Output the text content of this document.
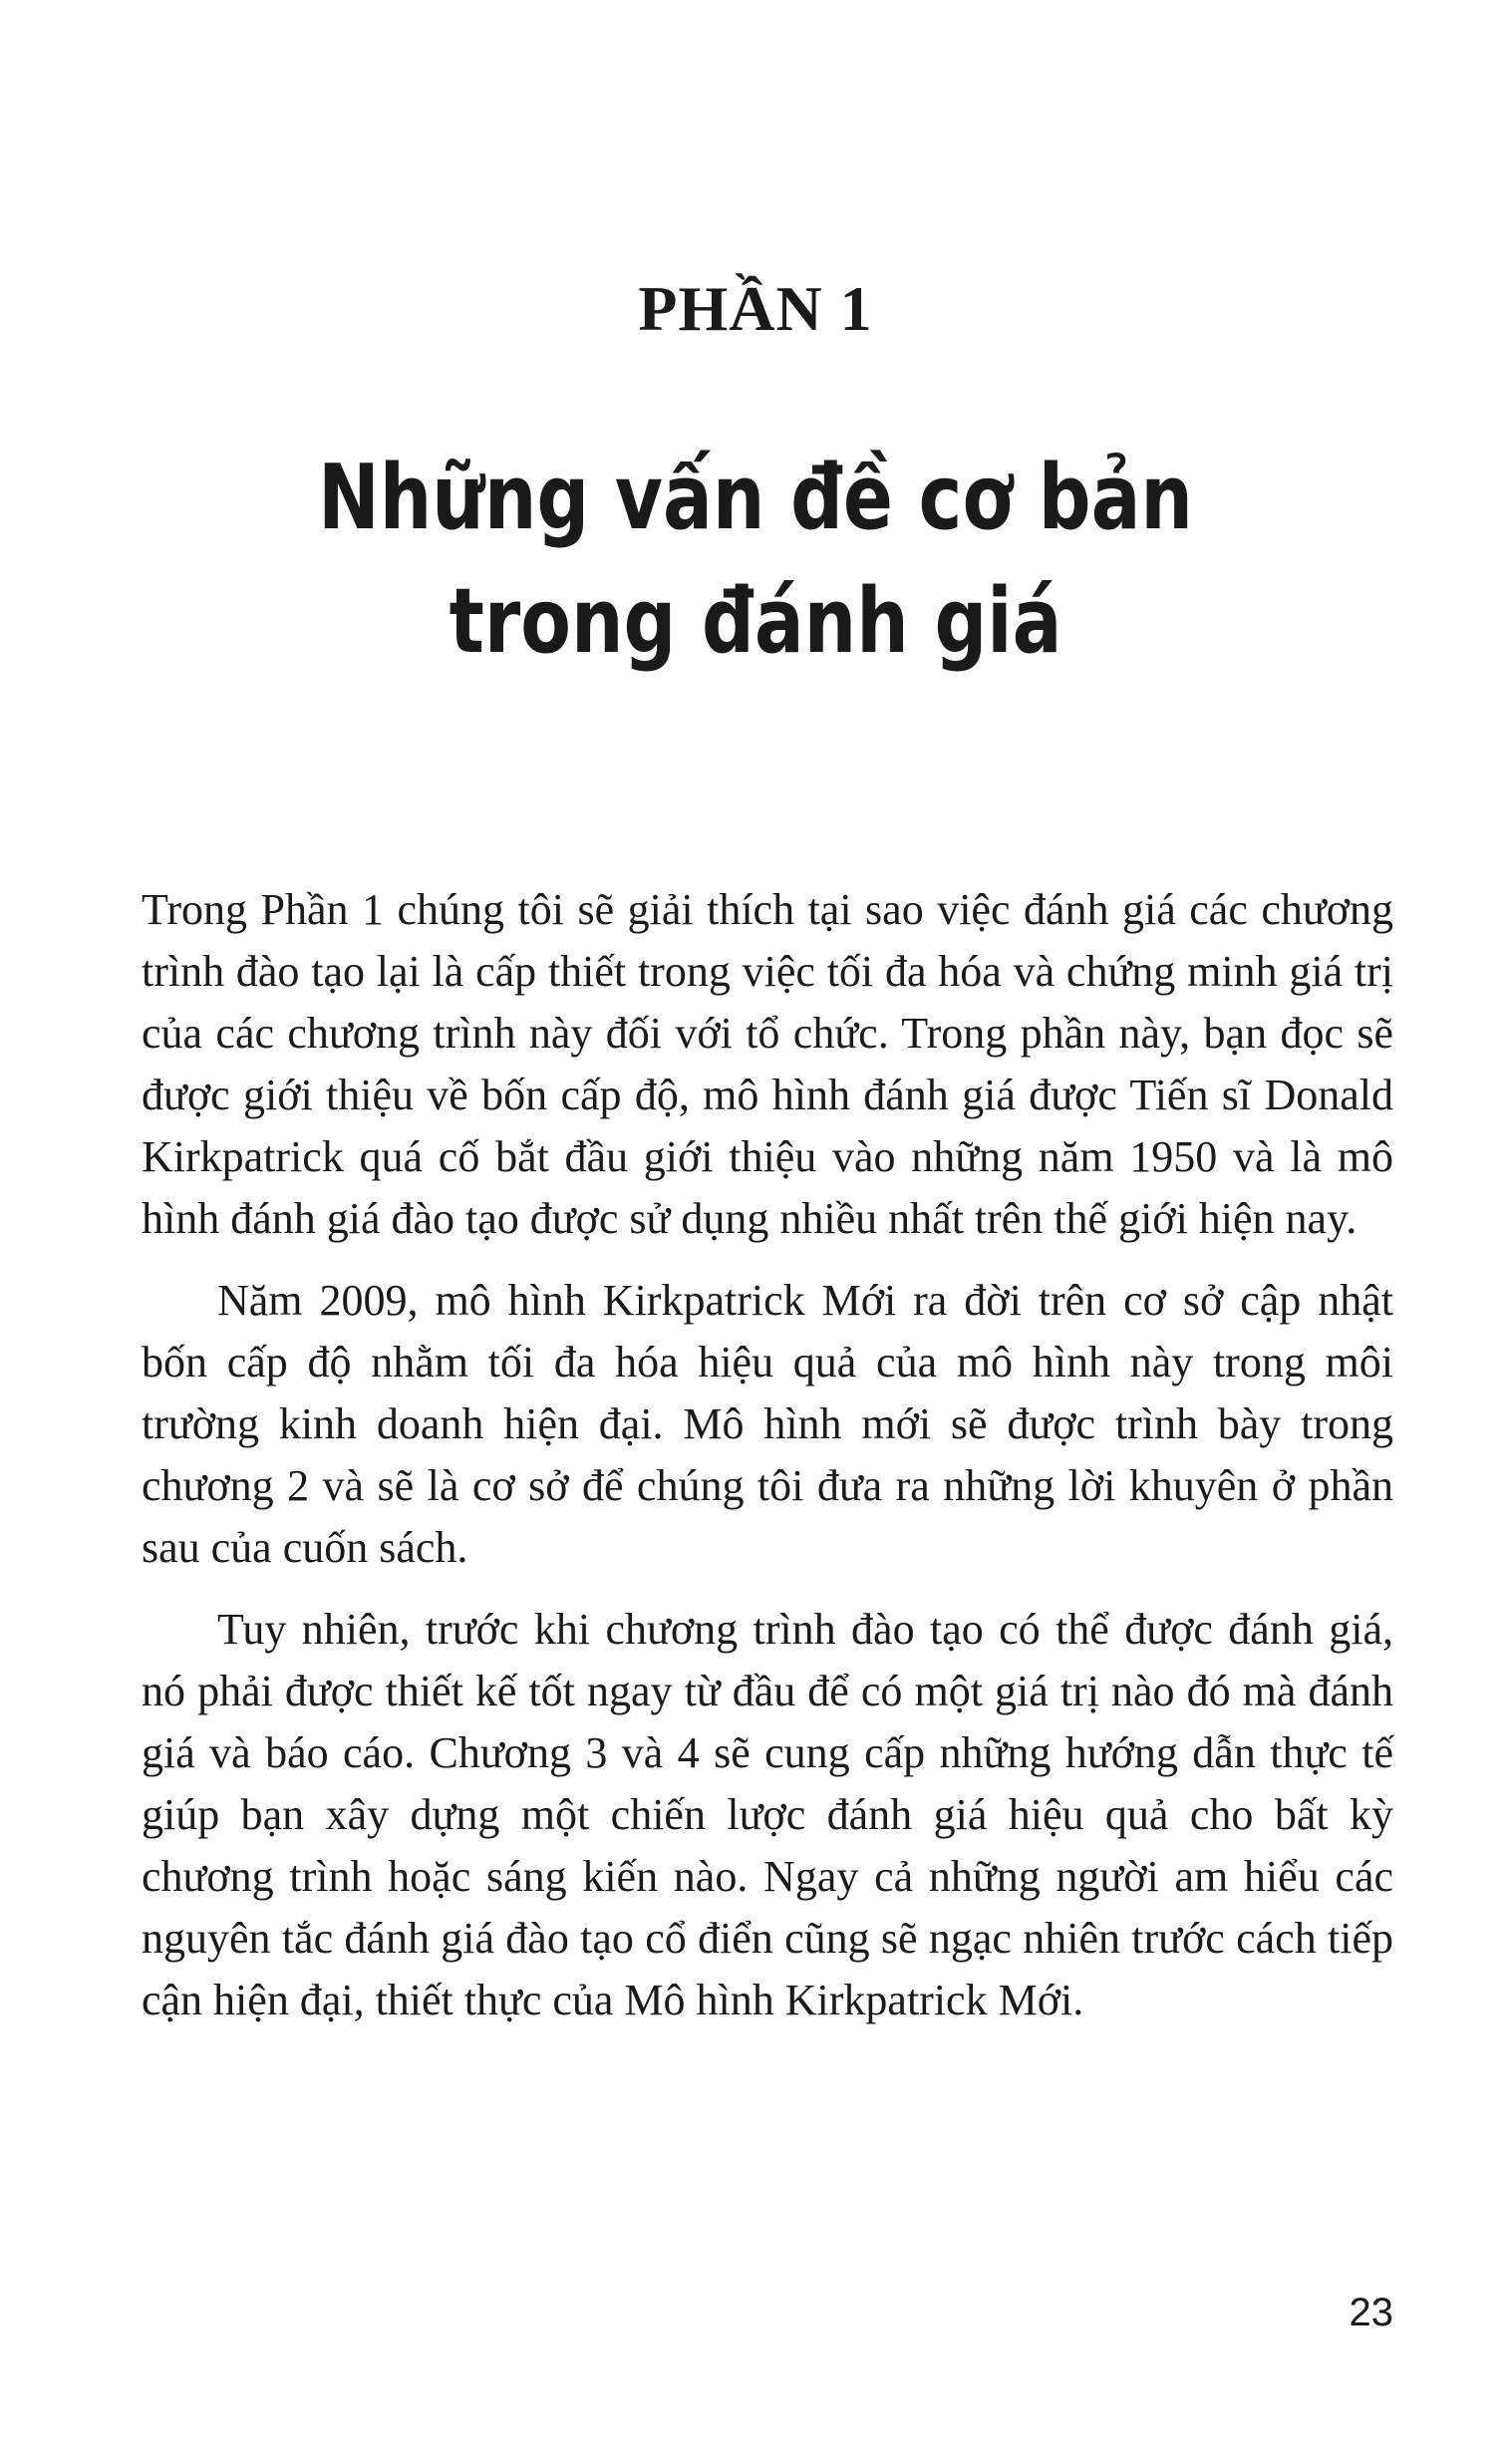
PHẦN 1
Những vấn đề cơ bản
trong đánh giá

Trong Phần 1 chúng tôi sẽ giải thích tại sao việc đánh giá các chương trình đào tạo lại là cấp thiết trong việc tối đa hóa và chứng minh giá trị của các chương trình này đối với tổ chức. Trong phần này, bạn đọc sẽ được giới thiệu về bốn cấp độ, mô hình đánh giá được Tiến sĩ Donald Kirkpatrick quá cố bắt đầu giới thiệu vào những năm 1950 và là mô hình đánh giá đào tạo được sử dụng nhiều nhất trên thế giới hiện nay.

Năm 2009, mô hình Kirkpatrick Mới ra đời trên cơ sở cập nhật bốn cấp độ nhằm tối đa hóa hiệu quả của mô hình này trong môi trường kinh doanh hiện đại. Mô hình mới sẽ được trình bày trong chương 2 và sẽ là cơ sở để chúng tôi đưa ra những lời khuyên ở phần sau của cuốn sách.

Tuy nhiên, trước khi chương trình đào tạo có thể được đánh giá, nó phải được thiết kế tốt ngay từ đầu để có một giá trị nào đó mà đánh giá và báo cáo. Chương 3 và 4 sẽ cung cấp những hướng dẫn thực tế giúp bạn xây dựng một chiến lược đánh giá hiệu quả cho bất kỳ chương trình hoặc sáng kiến nào. Ngay cả những người am hiểu các nguyên tắc đánh giá đào tạo cổ điển cũng sẽ ngạc nhiên trước cách tiếp cận hiện đại, thiết thực của Mô hình Kirkpatrick Mới.

23
